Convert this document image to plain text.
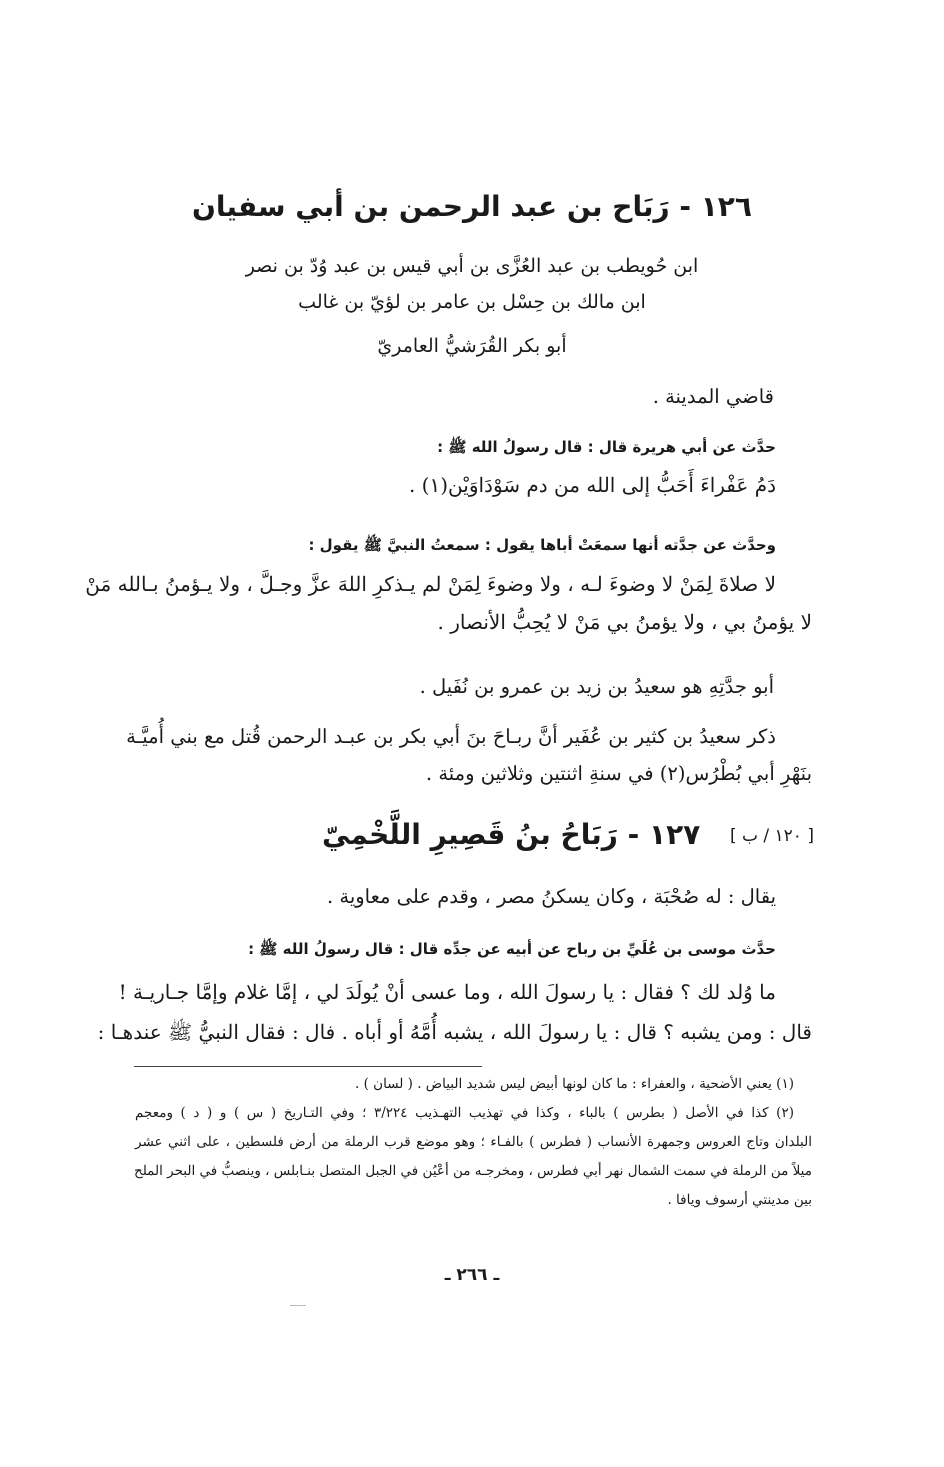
١٢٦ - رَبَاح بن عبد الرحمن بن أبي سفيان
ابن حُويطب بن عبد العُزَّى بن أبي قيس بن عبد وُدّ بن نصر
ابن مالك بن حِسْل بن عامر بن لؤيّ بن غالب
أبو بكر القُرَشيُّ العامريّ
قاضي المدينة .
حدَّث عن أبي هريرة قال : قال رسولُ الله ﷺ :
دَمُ عَفْراءَ أَحَبُّ إلى الله من دم سَوْدَاوَيْن(١) .
وحدَّث عن جدَّته أنها سمعَتْ أباها يقول : سمعتُ النبيَّ ﷺ يقول :
لا صلاةَ لِمَنْ لا وضوءَ لـه ، ولا وضوءَ لِمَنْ لم يـذكرِ اللهَ عزَّ وجـلَّ ، ولا يـؤمنُ بـالله مَنْ
لا يؤمنُ بي ، ولا يؤمنُ بي مَنْ لا يُحِبُّ الأنصار .
أبو جدَّتِهِ هو سعيدُ بن زيد بن عمرو بن نُفَيل .
ذكر سعيدُ بن كثير بن عُفَير أنَّ ربـاحَ بنَ أبي بكر بن عبـد الرحمن قُتل مع بني أُميَّـة
بنَهْرِ أبي بُطْرُس(٢) في سنةِ اثنتين وثلاثين ومئة .
[ ١٢٠ / ب ]
١٢٧ - رَبَاحُ بنُ قَصِيرِ اللَّخْمِيّ
يقال : له صُحْبَة ، وكان يسكنُ مصر ، وقدم على معاوية .
حدَّث موسى بن عُلَيِّ بن رباح عن أبيه عن جدِّه قال : قال رسولُ الله ﷺ :
ما وُلد لك ؟ فقال : يا رسولَ الله ، وما عسى أنْ يُولَدَ لي ، إمَّا غلام وإمَّا جـاريـة !
قال : ومن يشبه ؟ قال : يا رسولَ الله ، يشبه أُمَّهُ أو أباه . فال : فقال النبيُّ ﷺ عندهـا :
(١) يعني الأضحية ، والعفراء : ما كان لونها أبيض ليس شديد البياض . ( لسان ) .
(٢) كذا في الأصل ( بطرس ) بالباء ، وكذا في تهذيب التهـذيب ٣/٢٢٤ ؛ وفي التـاريخ ( س ) و ( د ) ومعجم
البلدان وتاج العروس وجمهرة الأنساب ( فطرس ) بالفـاء ؛ وهو موضع قرب الرملة من أرض فلسطين ، على اثني عشر
ميلاً من الرملة في سمت الشمال نهر أبي فطرس ، ومخرجـه من أعْيُن في الجبل المتصل بنـابلس ، وينصبُّ في البحر الملح
بين مدينتي أرسوف ويافا .
ـ ٢٦٦ ـ
